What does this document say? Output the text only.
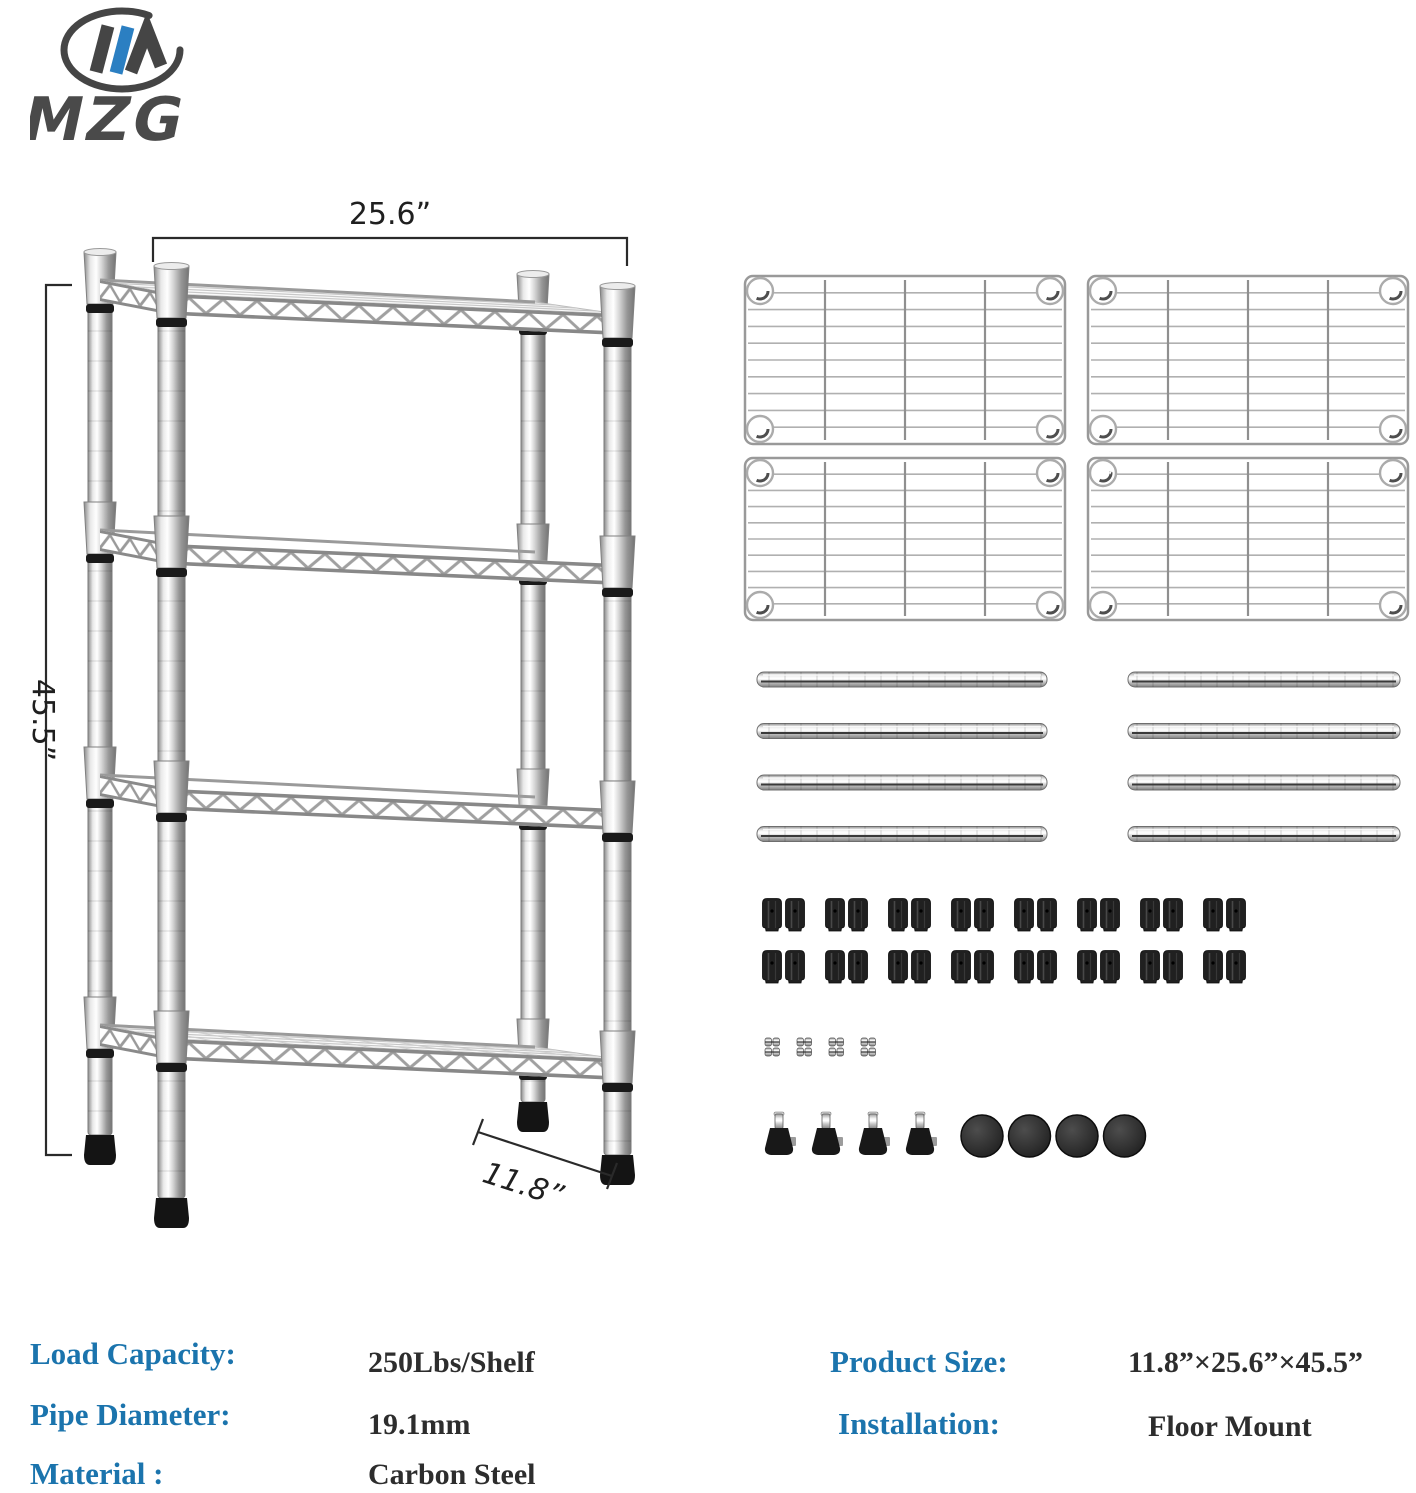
MZG
25.6”
45.5”
11.8”
Load Capacity:	250Lbs/Shelf
Pipe Diameter:	19.1mm
Material :	Carbon Steel
Product Size:	11.8”×25.6”×45.5”
Installation:	Floor Mount
